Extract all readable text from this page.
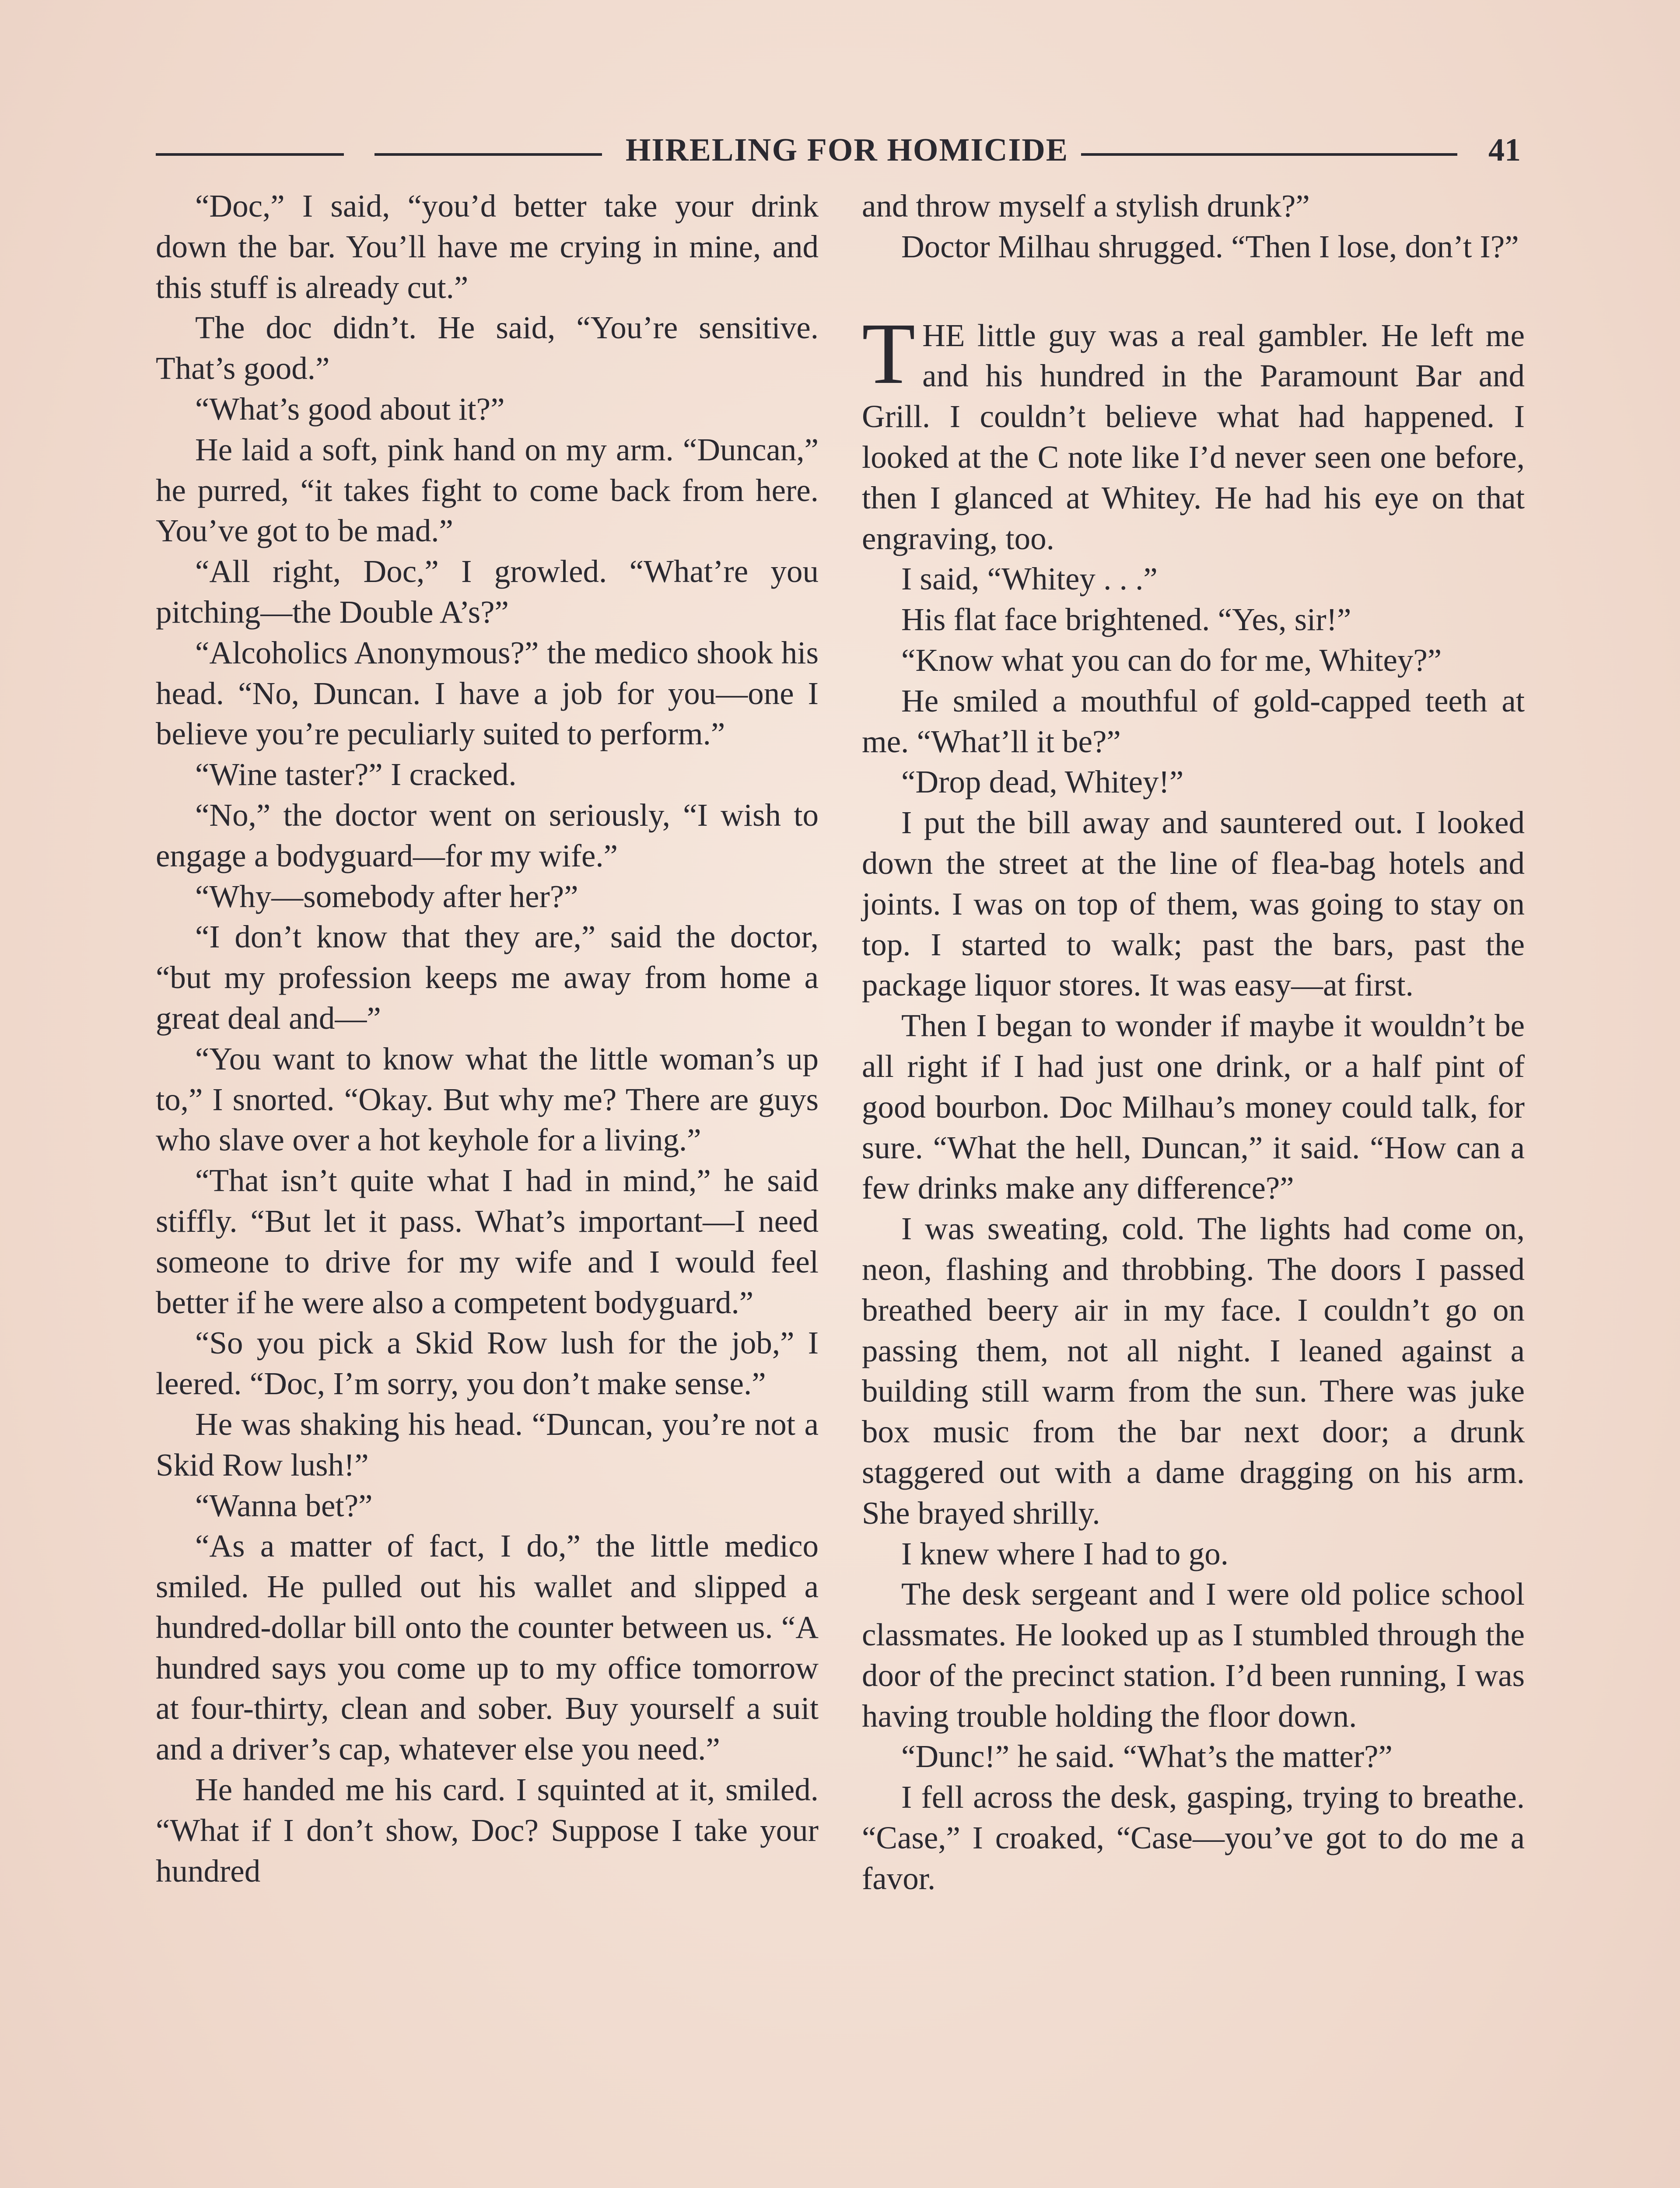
HIRELING FOR HOMICIDE	41

“Doc,” I said, “you’d better take your drink down the bar. You’ll have me crying in mine, and this stuff is already cut.”

The doc didn’t. He said, “You’re sensitive. That’s good.”

“What’s good about it?”

He laid a soft, pink hand on my arm. “Duncan,” he purred, “it takes fight to come back from here. You’ve got to be mad.”

“All right, Doc,” I growled. “What’re you pitching—the Double A’s?”

“Alcoholics Anonymous?” the medico shook his head. “No, Duncan. I have a job for you—one I believe you’re peculiarly suited to perform.”

“Wine taster?” I cracked.

“No,” the doctor went on seriously, “I wish to engage a bodyguard—for my wife.”

“Why—somebody after her?”

“I don’t know that they are,” said the doctor, “but my profession keeps me away from home a great deal and—”

“You want to know what the little woman’s up to,” I snorted. “Okay. But why me? There are guys who slave over a hot keyhole for a living.”

“That isn’t quite what I had in mind,” he said stiffly. “But let it pass. What’s important—I need someone to drive for my wife and I would feel better if he were also a competent bodyguard.”

“So you pick a Skid Row lush for the job,” I leered. “Doc, I’m sorry, you don’t make sense.”

He was shaking his head. “Duncan, you’re not a Skid Row lush!”

“Wanna bet?”

“As a matter of fact, I do,” the little medico smiled. He pulled out his wallet and slipped a hundred-dollar bill onto the counter between us. “A hundred says you come up to my office tomorrow at four-thirty, clean and sober. Buy yourself a suit and a driver’s cap, whatever else you need.”

He handed me his card. I squinted at it, smiled. “What if I don’t show, Doc? Suppose I take your hundred

and throw myself a stylish drunk?”

Doctor Milhau shrugged. “Then I lose, don’t I?”

THE little guy was a real gambler. He left me and his hundred in the Paramount Bar and Grill. I couldn’t believe what had happened. I looked at the C note like I’d never seen one before, then I glanced at Whitey. He had his eye on that engraving, too.

I said, “Whitey . . .”

His flat face brightened. “Yes, sir!”

“Know what you can do for me, Whitey?”

He smiled a mouthful of gold-capped teeth at me. “What’ll it be?”

“Drop dead, Whitey!”

I put the bill away and sauntered out. I looked down the street at the line of flea-bag hotels and joints. I was on top of them, was going to stay on top. I started to walk; past the bars, past the package liquor stores. It was easy—at first.

Then I began to wonder if maybe it wouldn’t be all right if I had just one drink, or a half pint of good bourbon. Doc Milhau’s money could talk, for sure. “What the hell, Duncan,” it said. “How can a few drinks make any difference?”

I was sweating, cold. The lights had come on, neon, flashing and throbbing. The doors I passed breathed beery air in my face. I couldn’t go on passing them, not all night. I leaned against a building still warm from the sun. There was juke box music from the bar next door; a drunk staggered out with a dame dragging on his arm. She brayed shrilly.

I knew where I had to go.

The desk sergeant and I were old police school classmates. He looked up as I stumbled through the door of the precinct station. I’d been running, I was having trouble holding the floor down.

“Dunc!” he said. “What’s the matter?”

I fell across the desk, gasping, trying to breathe. “Case,” I croaked, “Case—you’ve got to do me a favor.
